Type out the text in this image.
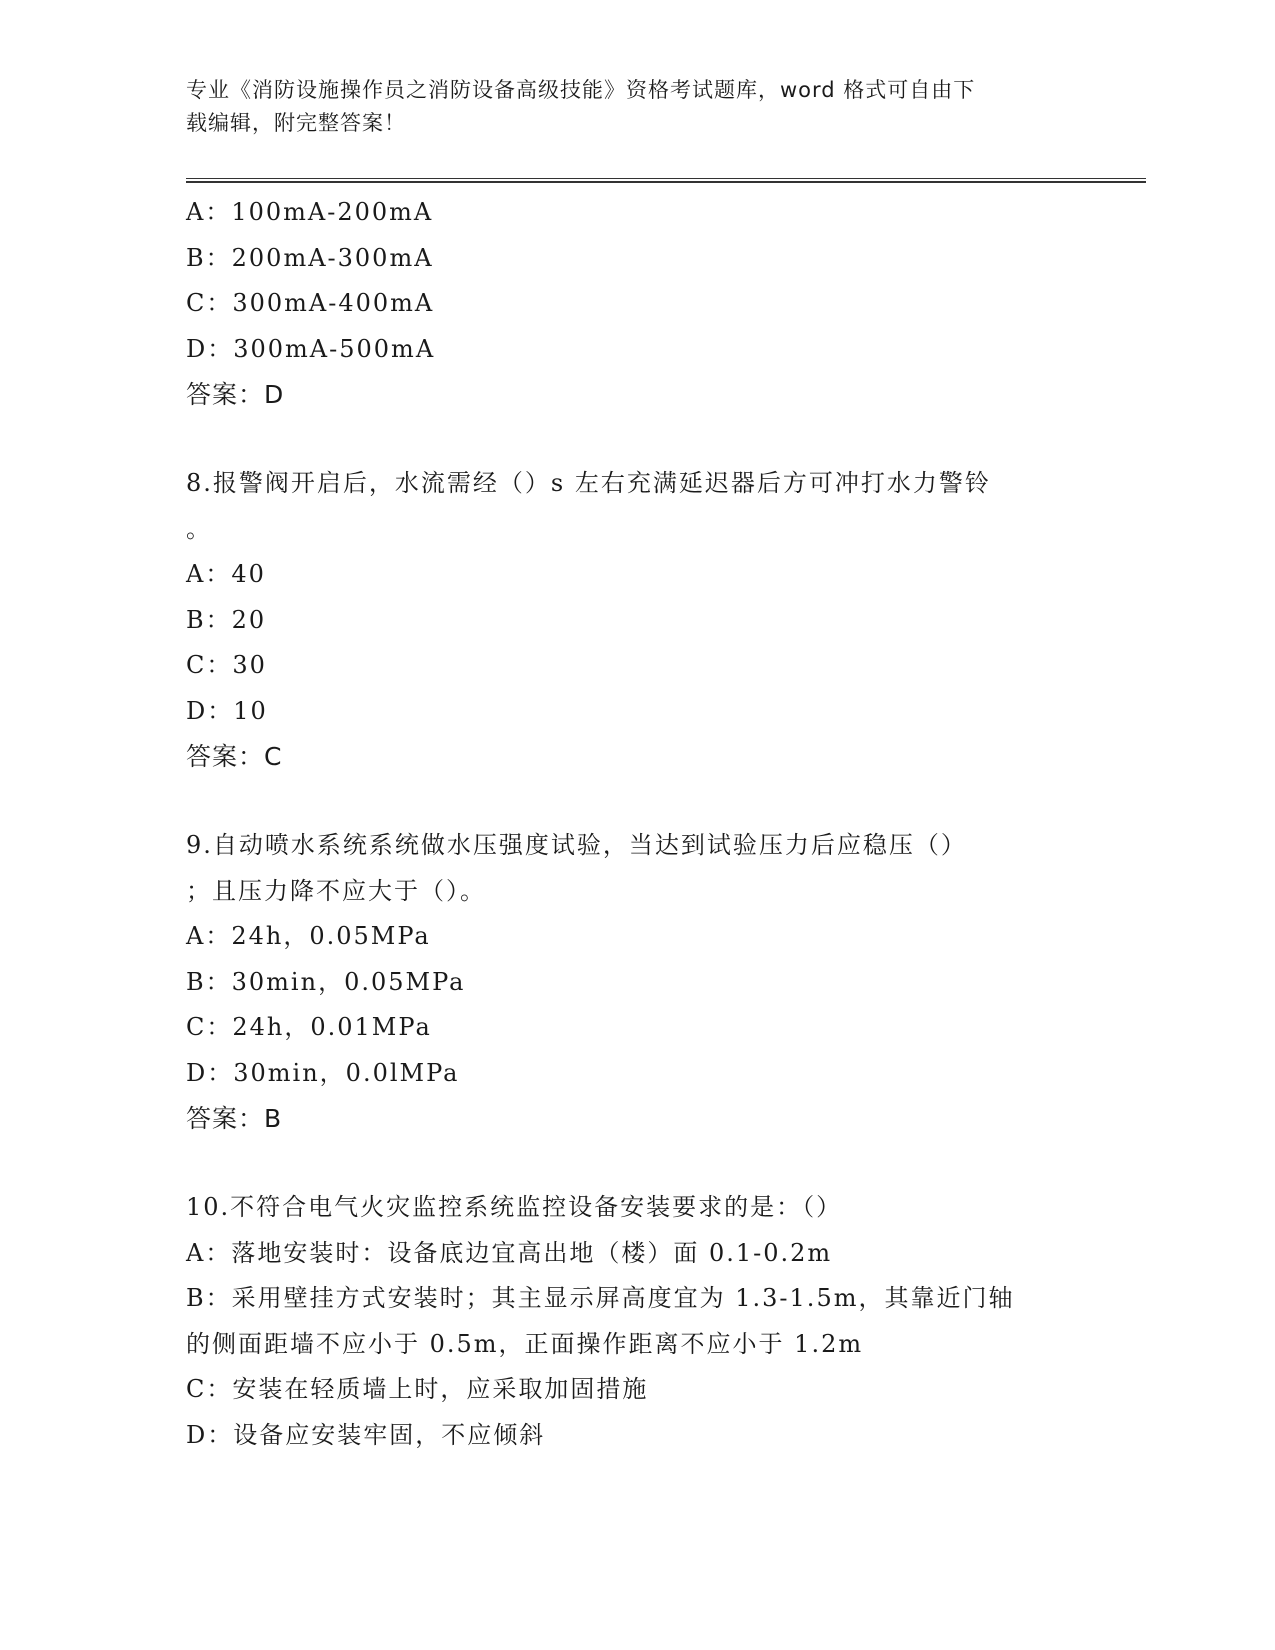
专业《消防设施操作员之消防设备高级技能》资格考试题库，word 格式可自由下
载编辑，附完整答案！
A：100mA-200mA
B：200mA-300mA
C：300mA-400mA
D：300mA-500mA
答案：D
8.报警阀开启后，水流需经（）s 左右充满延迟器后方可冲打水力警铃
。
A：40
B：20
C：30
D：10
答案：C
9.自动喷水系统系统做水压强度试验，当达到试验压力后应稳压（）
；且压力降不应大于（）。
A：24h，0.05MPa
B：30min，0.05MPa
C：24h，0.01MPa
D：30min，0.0lMPa
答案：B
10.不符合电气火灾监控系统监控设备安装要求的是：（）
A：落地安装时：设备底边宜高出地（楼）面 0.1-0.2m
B：采用壁挂方式安装时；其主显示屏高度宜为 1.3-1.5m，其靠近门轴
的侧面距墙不应小于 0.5m，正面操作距离不应小于 1.2m
C：安装在轻质墙上时，应采取加固措施
D：设备应安装牢固，不应倾斜
